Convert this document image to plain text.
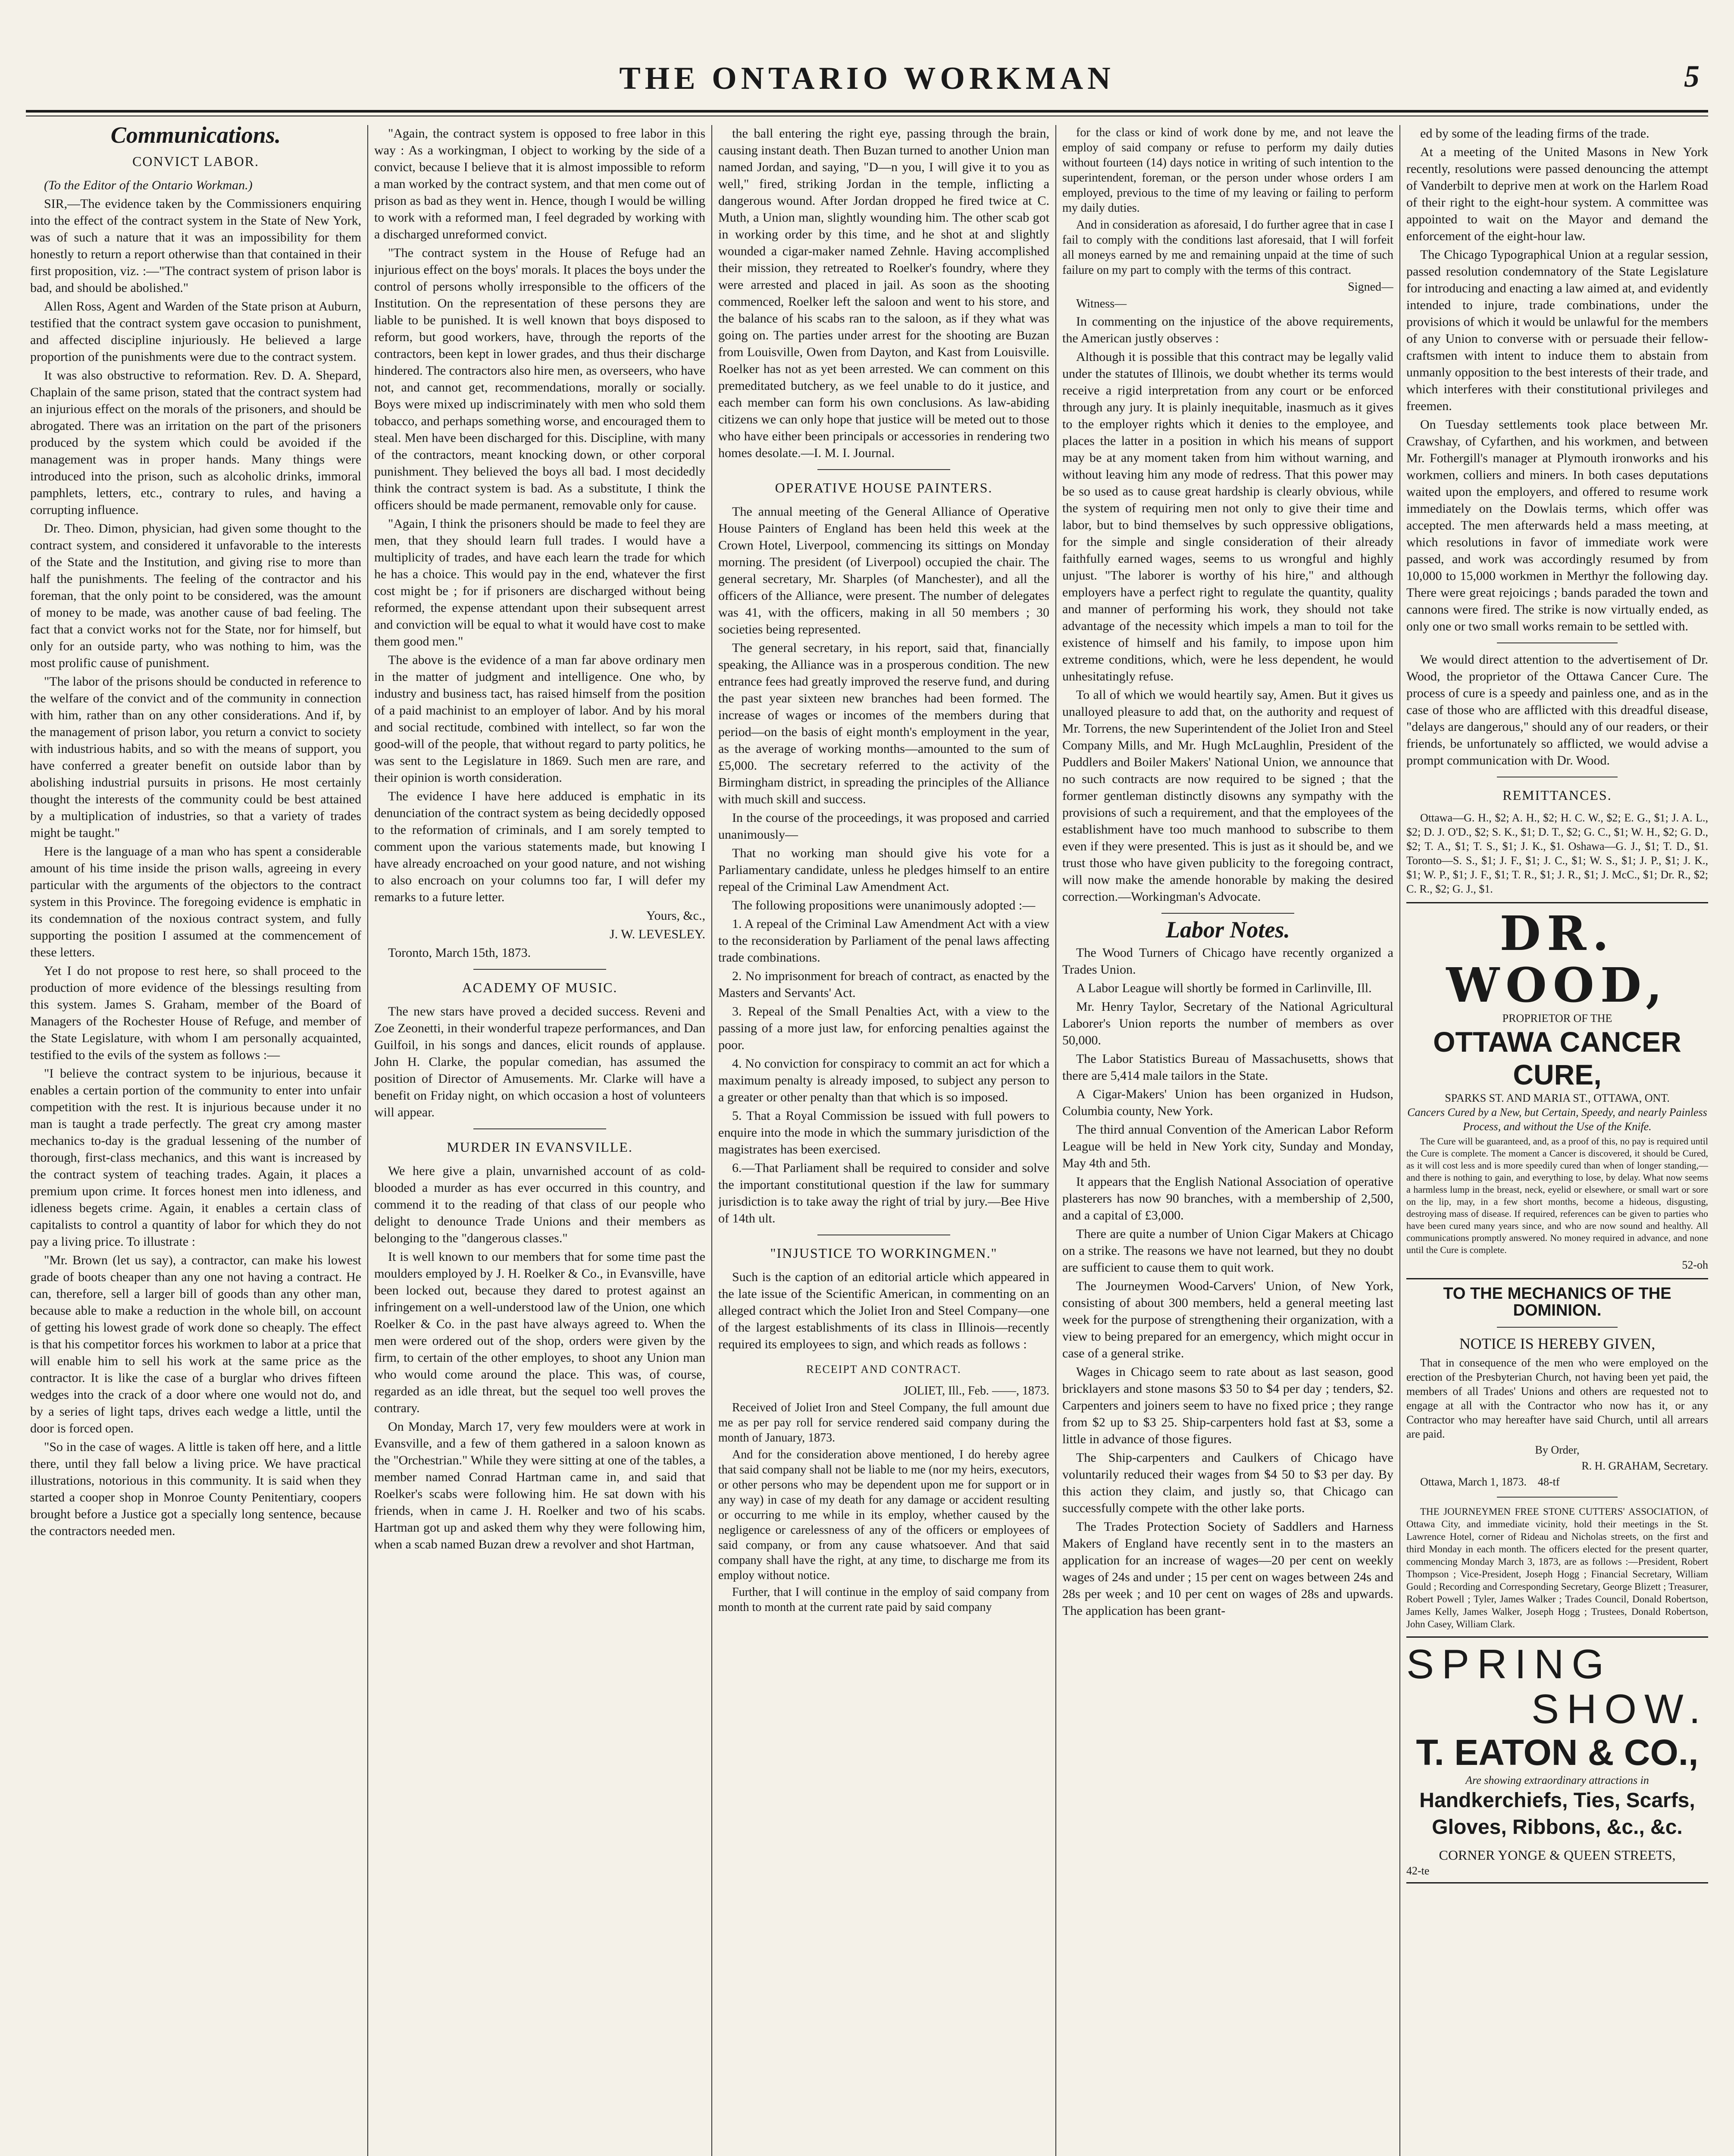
THE ONTARIO WORKMAN	5
Communications.
CONVICT LABOR.

(To the Editor of the Ontario Workman.)

SIR,—The evidence taken by the Commissioners enquiring into the effect of the contract system in the State of New York, was of such a nature that it was an impossibility for them honestly to return a report otherwise than that contained in their first proposition, viz. :—"The contract system of prison labor is bad, and should be abolished."

Allen Ross, Agent and Warden of the State prison at Auburn, testified that the contract system gave occasion to punishment, and affected discipline injuriously. He believed a large proportion of the punishments were due to the contract system.

It was also obstructive to reformation. Rev. D. A. Shepard, Chaplain of the same prison, stated that the contract system had an injurious effect on the morals of the prisoners, and should be abrogated. There was an irritation on the part of the prisoners produced by the system which could be avoided if the management was in proper hands. Many things were introduced into the prison, such as alcoholic drinks, immoral pamphlets, letters, etc., contrary to rules, and having a corrupting influence.

Dr. Theo. Dimon, physician, had given some thought to the contract system, and considered it unfavorable to the interests of the State and the Institution, and giving rise to more than half the punishments. The feeling of the contractor and his foreman, that the only point to be considered, was the amount of money to be made, was another cause of bad feeling. The fact that a convict works not for the State, nor for himself, but only for an outside party, who was nothing to him, was the most prolific cause of punishment.

"The labor of the prisons should be conducted in reference to the welfare of the convict and of the community in connection with him, rather than on any other considerations. And if, by the management of prison labor, you return a convict to society with industrious habits, and so with the means of support, you have conferred a greater benefit on outside labor than by abolishing industrial pursuits in prisons. He most certainly thought the interests of the community could be best attained by a multiplication of industries, so that a variety of trades might be taught."

Here is the language of a man who has spent a considerable amount of his time inside the prison walls, agreeing in every particular with the arguments of the objectors to the contract system in this Province. The foregoing evidence is emphatic in its condemnation of the noxious contract system, and fully supporting the position I assumed at the commencement of these letters.

Yet I do not propose to rest here, so shall proceed to the production of more evidence of the blessings resulting from this system. James S. Graham, member of the Board of Managers of the Rochester House of Refuge, and member of the State Legislature, with whom I am personally acquainted, testified to the evils of the system as follows :—

"I believe the contract system to be injurious, because it enables a certain portion of the community to enter into unfair competition with the rest. It is injurious because under it no man is taught a trade perfectly. The great cry among master mechanics to-day is the gradual lessening of the number of thorough, first-class mechanics, and this want is increased by the contract system of teaching trades. Again, it places a premium upon crime. It forces honest men into idleness, and idleness begets crime. Again, it enables a certain class of capitalists to control a quantity of labor for which they do not pay a living price. To illustrate :

"Mr. Brown (let us say), a contractor, can make his lowest grade of boots cheaper than any one not having a contract. He can, therefore, sell a larger bill of goods than any other man, because able to make a reduction in the whole bill, on account of getting his lowest grade of work done so cheaply. The effect is that his competitor forces his workmen to labor at a price that will enable him to sell his work at the same price as the contractor. It is like the case of a burglar who drives fifteen wedges into the crack of a door where one would not do, and by a series of light taps, drives each wedge a little, until the door is forced open.

"So in the case of wages. A little is taken off here, and a little there, until they fall below a living price. We have practical illustrations, notorious in this community. It is said when they started a cooper shop in Monroe County Penitentiary, coopers brought before a Justice got a specially long sentence, because the contractors needed men.

"Again, the contract system is opposed to free labor in this way : As a workingman, I object to working by the side of a convict, because I believe that it is almost impossible to reform a man worked by the contract system, and that men come out of prison as bad as they went in. Hence, though I would be willing to work with a reformed man, I feel degraded by working with a discharged unreformed convict.

"The contract system in the House of Refuge had an injurious effect on the boys' morals. It places the boys under the control of persons wholly irresponsible to the officers of the Institution. On the representation of these persons they are liable to be punished. It is well known that boys disposed to reform, but good workers, have, through the reports of the contractors, been kept in lower grades, and thus their discharge hindered. The contractors also hire men, as overseers, who have not, and cannot get, recommendations, morally or socially. Boys were mixed up indiscriminately with men who sold them tobacco, and perhaps something worse, and encouraged them to steal. Men have been discharged for this. Discipline, with many of the contractors, meant knocking down, or other corporal punishment. They believed the boys all bad. I most decidedly think the contract system is bad. As a substitute, I think the officers should be made permanent, removable only for cause.

"Again, I think the prisoners should be made to feel they are men, that they should learn full trades. I would have a multiplicity of trades, and have each learn the trade for which he has a choice. This would pay in the end, whatever the first cost might be ; for if prisoners are discharged without being reformed, the expense attendant upon their subsequent arrest and conviction will be equal to what it would have cost to make them good men."

The above is the evidence of a man far above ordinary men in the matter of judgment and intelligence. One who, by industry and business tact, has raised himself from the position of a paid machinist to an employer of labor. And by his moral and social rectitude, combined with intellect, so far won the good-will of the people, that without regard to party politics, he was sent to the Legislature in 1869. Such men are rare, and their opinion is worth consideration.

The evidence I have here adduced is emphatic in its denunciation of the contract system as being decidedly opposed to the reformation of criminals, and I am sorely tempted to comment upon the various statements made, but knowing I have already encroached on your good nature, and not wishing to also encroach on your columns too far, I will defer my remarks to a future letter.

Yours, &c.,

J. W. LEVESLEY.

Toronto, March 15th, 1873.

ACADEMY OF MUSIC.

The new stars have proved a decided success. Reveni and Zoe Zeonetti, in their wonderful trapeze performances, and Dan Guilfoil, in his songs and dances, elicit rounds of applause. John H. Clarke, the popular comedian, has assumed the position of Director of Amusements. Mr. Clarke will have a benefit on Friday night, on which occasion a host of volunteers will appear.

MURDER IN EVANSVILLE.

We here give a plain, unvarnished account of as cold-blooded a murder as has ever occurred in this country, and commend it to the reading of that class of our people who delight to denounce Trade Unions and their members as belonging to the "dangerous classes."

It is well known to our members that for some time past the moulders employed by J. H. Roelker & Co., in Evansville, have been locked out, because they dared to protest against an infringement on a well-understood law of the Union, one which Roelker & Co. in the past have always agreed to. When the men were ordered out of the shop, orders were given by the firm, to certain of the other employes, to shoot any Union man who would come around the place. This was, of course, regarded as an idle threat, but the sequel too well proves the contrary.

On Monday, March 17, very few moulders were at work in Evansville, and a few of them gathered in a saloon known as the "Orchestrian." While they were sitting at one of the tables, a member named Conrad Hartman came in, and said that Roelker's scabs were following him. He sat down with his friends, when in came J. H. Roelker and two of his scabs. Hartman got up and asked them why they were following him, when a scab named Buzan drew a revolver and shot Hartman,

the ball entering the right eye, passing through the brain, causing instant death. Then Buzan turned to another Union man named Jordan, and saying, "D—n you, I will give it to you as well," fired, striking Jordan in the temple, inflicting a dangerous wound. After Jordan dropped he fired twice at C. Muth, a Union man, slightly wounding him. The other scab got in working order by this time, and he shot at and slightly wounded a cigar-maker named Zehnle. Having accomplished their mission, they retreated to Roelker's foundry, where they were arrested and placed in jail. As soon as the shooting commenced, Roelker left the saloon and went to his store, and the balance of his scabs ran to the saloon, as if they what was going on. The parties under arrest for the shooting are Buzan from Louisville, Owen from Dayton, and Kast from Louisville. Roelker has not as yet been arrested. We can comment on this premeditated butchery, as we feel unable to do it justice, and each member can form his own conclusions. As law-abiding citizens we can only hope that justice will be meted out to those who have either been principals or accessories in rendering two homes desolate.—I. M. I. Journal.

OPERATIVE HOUSE PAINTERS.

The annual meeting of the General Alliance of Operative House Painters of England has been held this week at the Crown Hotel, Liverpool, commencing its sittings on Monday morning. The president (of Liverpool) occupied the chair. The general secretary, Mr. Sharples (of Manchester), and all the officers of the Alliance, were present. The number of delegates was 41, with the officers, making in all 50 members ; 30 societies being represented.

The general secretary, in his report, said that, financially speaking, the Alliance was in a prosperous condition. The new entrance fees had greatly improved the reserve fund, and during the past year sixteen new branches had been formed. The increase of wages or incomes of the members during that period—on the basis of eight month's employment in the year, as the average of working months—amounted to the sum of £5,000. The secretary referred to the activity of the Birmingham district, in spreading the principles of the Alliance with much skill and success.

In the course of the proceedings, it was proposed and carried unanimously—

That no working man should give his vote for a Parliamentary candidate, unless he pledges himself to an entire repeal of the Criminal Law Amendment Act.

The following propositions were unanimously adopted :—

1. A repeal of the Criminal Law Amendment Act with a view to the reconsideration by Parliament of the penal laws affecting trade combinations.

2. No imprisonment for breach of contract, as enacted by the Masters and Servants' Act.

3. Repeal of the Small Penalties Act, with a view to the passing of a more just law, for enforcing penalties against the poor.

4. No conviction for conspiracy to commit an act for which a maximum penalty is already imposed, to subject any person to a greater or other penalty than that which is so imposed.

5. That a Royal Commission be issued with full powers to enquire into the mode in which the summary jurisdiction of the magistrates has been exercised.

6.—That Parliament shall be required to consider and solve the important constitutional question if the law for summary jurisdiction is to take away the right of trial by jury.—Bee Hive of 14th ult.

"INJUSTICE TO WORKINGMEN."

Such is the caption of an editorial article which appeared in the late issue of the Scientific American, in commenting on an alleged contract which the Joliet Iron and Steel Company—one of the largest establishments of its class in Illinois—recently required its employees to sign, and which reads as follows :

RECEIPT AND CONTRACT.

JOLIET, Ill., Feb. ——, 1873.

Received of Joliet Iron and Steel Company, the full amount due me as per pay roll for service rendered said company during the month of January, 1873.

And for the consideration above mentioned, I do hereby agree that said company shall not be liable to me (nor my heirs, executors, or other persons who may be dependent upon me for support or in any way) in case of my death for any damage or accident resulting or occurring to me while in its employ, whether caused by the negligence or carelessness of any of the officers or employees of said company, or from any cause whatsoever. And that said company shall have the right, at any time, to discharge me from its employ without notice.

Further, that I will continue in the employ of said company from month to month at the current rate paid by said company

for the class or kind of work done by me, and not leave the employ of said company or refuse to perform my daily duties without fourteen (14) days notice in writing of such intention to the superintendent, foreman, or the person under whose orders I am employed, previous to the time of my leaving or failing to perform my daily duties.

And in consideration as aforesaid, I do further agree that in case I fail to comply with the conditions last aforesaid, that I will forfeit all moneys earned by me and remaining unpaid at the time of such failure on my part to comply with the terms of this contract.

Signed—

Witness—

In commenting on the injustice of the above requirements, the American justly observes :

Although it is possible that this contract may be legally valid under the statutes of Illinois, we doubt whether its terms would receive a rigid interpretation from any court or be enforced through any jury. It is plainly inequitable, inasmuch as it gives to the employer rights which it denies to the employee, and places the latter in a position in which his means of support may be at any moment taken from him without warning, and without leaving him any mode of redress. That this power may be so used as to cause great hardship is clearly obvious, while the system of requiring men not only to give their time and labor, but to bind themselves by such oppressive obligations, for the simple and single consideration of their already faithfully earned wages, seems to us wrongful and highly unjust. "The laborer is worthy of his hire," and although employers have a perfect right to regulate the quantity, quality and manner of performing his work, they should not take advantage of the necessity which impels a man to toil for the existence of himself and his family, to impose upon him extreme conditions, which, were he less dependent, he would unhesitatingly refuse.

To all of which we would heartily say, Amen. But it gives us unalloyed pleasure to add that, on the authority and request of Mr. Torrens, the new Superintendent of the Joliet Iron and Steel Company Mills, and Mr. Hugh McLaughlin, President of the Puddlers and Boiler Makers' National Union, we announce that no such contracts are now required to be signed ; that the former gentleman distinctly disowns any sympathy with the provisions of such a requirement, and that the employees of the establishment have too much manhood to subscribe to them even if they were presented. This is just as it should be, and we trust those who have given publicity to the foregoing contract, will now make the amende honorable by making the desired correction.—Workingman's Advocate.

Labor Notes.

The Wood Turners of Chicago have recently organized a Trades Union.

A Labor League will shortly be formed in Carlinville, Ill.

Mr. Henry Taylor, Secretary of the National Agricultural Laborer's Union reports the number of members as over 50,000.

The Labor Statistics Bureau of Massachusetts, shows that there are 5,414 male tailors in the State.

A Cigar-Makers' Union has been organized in Hudson, Columbia county, New York.

The third annual Convention of the American Labor Reform League will be held in New York city, Sunday and Monday, May 4th and 5th.

It appears that the English National Association of operative plasterers has now 90 branches, with a membership of 2,500, and a capital of £3,000.

There are quite a number of Union Cigar Makers at Chicago on a strike. The reasons we have not learned, but they no doubt are sufficient to cause them to quit work.

The Journeymen Wood-Carvers' Union, of New York, consisting of about 300 members, held a general meeting last week for the purpose of strengthening their organization, with a view to being prepared for an emergency, which might occur in case of a general strike.

Wages in Chicago seem to rate about as last season, good bricklayers and stone masons $3 50 to $4 per day ; tenders, $2. Carpenters and joiners seem to have no fixed price ; they range from $2 up to $3 25. Ship-carpenters hold fast at $3, some a little in advance of those figures.

The Ship-carpenters and Caulkers of Chicago have voluntarily reduced their wages from $4 50 to $3 per day. By this action they claim, and justly so, that Chicago can successfully compete with the other lake ports.

The Trades Protection Society of Saddlers and Harness Makers of England have recently sent in to the masters an application for an increase of wages—20 per cent on weekly wages of 24s and under ; 15 per cent on wages between 24s and 28s per week ; and 10 per cent on wages of 28s and upwards. The application has been grant-

ed by some of the leading firms of the trade.

At a meeting of the United Masons in New York recently, resolutions were passed denouncing the attempt of Vanderbilt to deprive men at work on the Harlem Road of their right to the eight-hour system. A committee was appointed to wait on the Mayor and demand the enforcement of the eight-hour law.

The Chicago Typographical Union at a regular session, passed resolution condemnatory of the State Legislature for introducing and enacting a law aimed at, and evidently intended to injure, trade combinations, under the provisions of which it would be unlawful for the members of any Union to converse with or persuade their fellow-craftsmen with intent to induce them to abstain from unmanly opposition to the best interests of their trade, and which interferes with their constitutional privileges and freemen.

On Tuesday settlements took place between Mr. Crawshay, of Cyfarthen, and his workmen, and between Mr. Fothergill's manager at Plymouth ironworks and his workmen, colliers and miners. In both cases deputations waited upon the employers, and offered to resume work immediately on the Dowlais terms, which offer was accepted. The men afterwards held a mass meeting, at which resolutions in favor of immediate work were passed, and work was accordingly resumed by from 10,000 to 15,000 workmen in Merthyr the following day. There were great rejoicings ; bands paraded the town and cannons were fired. The strike is now virtually ended, as only one or two small works remain to be settled with.

We would direct attention to the advertisement of Dr. Wood, the proprietor of the Ottawa Cancer Cure. The process of cure is a speedy and painless one, and as in the case of those who are afflicted with this dreadful disease, "delays are dangerous," should any of our readers, or their friends, be unfortunately so afflicted, we would advise a prompt communication with Dr. Wood.

REMITTANCES.

Ottawa—G. H., $2; A. H., $2; H. C. W., $2; E. G., $1; J. A. L., $2; D. J. O'D., $2; S. K., $1; D. T., $2; G. C., $1; W. H., $2; G. D., $2; T. A., $1; T. S., $1; J. K., $1. Oshawa—G. J., $1; T. D., $1. Toronto—S. S., $1; J. F., $1; J. C., $1; W. S., $1; J. P., $1; J. K., $1; W. P., $1; J. F., $1; T. R., $1; J. R., $1; J. McC., $1; Dr. R., $2; C. R., $2; G. J., $1.

DR. WOOD,
PROPRIETOR OF THE
OTTAWA CANCER CURE,
SPARKS ST. AND MARIA ST., OTTAWA, ONT.

Cancers Cured by a New, but Certain, Speedy, and nearly Painless Process, and without the Use of the Knife.

The Cure will be guaranteed, and, as a proof of this, no pay is required until the Cure is complete. The moment a Cancer is discovered, it should be Cured, as it will cost less and is more speedily cured than when of longer standing,—and there is nothing to gain, and everything to lose, by delay. What now seems a harmless lump in the breast, neck, eyelid or elsewhere, or small wart or sore on the lip, may, in a few short months, become a hideous, disgusting, destroying mass of disease. If required, references can be given to parties who have been cured many years since, and who are now sound and healthy. All communications promptly answered. No money required in advance, and none until the Cure is complete.

52-oh

TO THE MECHANICS OF THE DOMINION.
NOTICE IS HEREBY GIVEN,

That in consequence of the men who were employed on the erection of the Presbyterian Church, not having been yet paid, the members of all Trades' Unions and others are requested not to engage at all with the Contractor who now has it, or any Contractor who may hereafter have said Church, until all arrears are paid.

By Order,

R. H. GRAHAM, Secretary.

Ottawa, March 1, 1873. 48-tf

THE JOURNEYMEN FREE STONE CUTTERS' ASSOCIATION, of Ottawa City, and immediate vicinity, hold their meetings in the St. Lawrence Hotel, corner of Rideau and Nicholas streets, on the first and third Monday in each month. The officers elected for the present quarter, commencing Monday March 3, 1873, are as follows :—President, Robert Thompson ; Vice-President, Joseph Hogg ; Financial Secretary, William Gould ; Recording and Corresponding Secretary, George Blizett ; Treasurer, Robert Powell ; Tyler, James Walker ; Trades Council, Donald Robertson, James Kelly, James Walker, Joseph Hogg ; Trustees, Donald Robertson, John Casey, William Clark.

SPRING
SHOW.
T. EATON & CO.,
Are showing extraordinary attractions in
Handkerchiefs, Ties, Scarfs,
Gloves, Ribbons, &c., &c.
CORNER YONGE & QUEEN STREETS,
42-te
